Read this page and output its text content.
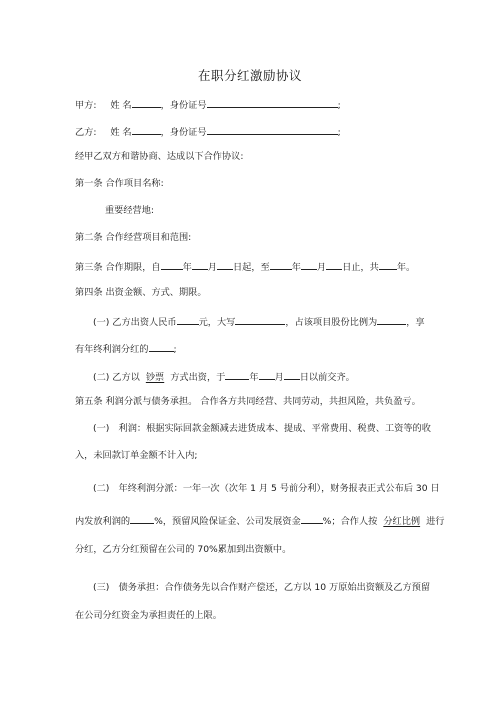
在职分红激励协议
甲方: 姓 名	，身份证号	;
乙方: 姓 名	，身份证号	;
经甲乙双方和谐协商、达成以下合作协议:
第一条 合作项目名称:
重要经营地:
第二条 合作经营项目和范围:
第三条 合作期限，自 年 月 日起，至 年 月 日止，共 年。
第四条 出资金额、方式、期限。
(一) 乙方出资人民币 元，大写	，占该项目股份比例为	，享
有年终利润分红的	;
(二) 乙方以 钞票 方式出资，于	年 月 日以前交齐。
第五条 利润分派与债务承担。 合作各方共同经营、共同劳动，共担风险，共负盈亏。
(一)　利润：根据实际回款金额减去进货成本、提成、平常费用、税费、工资等的收
入，未回款订单金额不计入内;
(二)　年终利润分派：一年一次（次年 1 月 5 号前分利），财务报表正式公布后 30 日
内发放利润的	%，预留风险保证金、公司发展资金 %；合作人按 分红比例 进行
分红，乙方分红预留在公司的 70%累加到出资额中。
(三)　债务承担：合作债务先以合作财产偿还，乙方以 10 万原始出资额及乙方预留
在公司分红资金为承担责任的上限。
